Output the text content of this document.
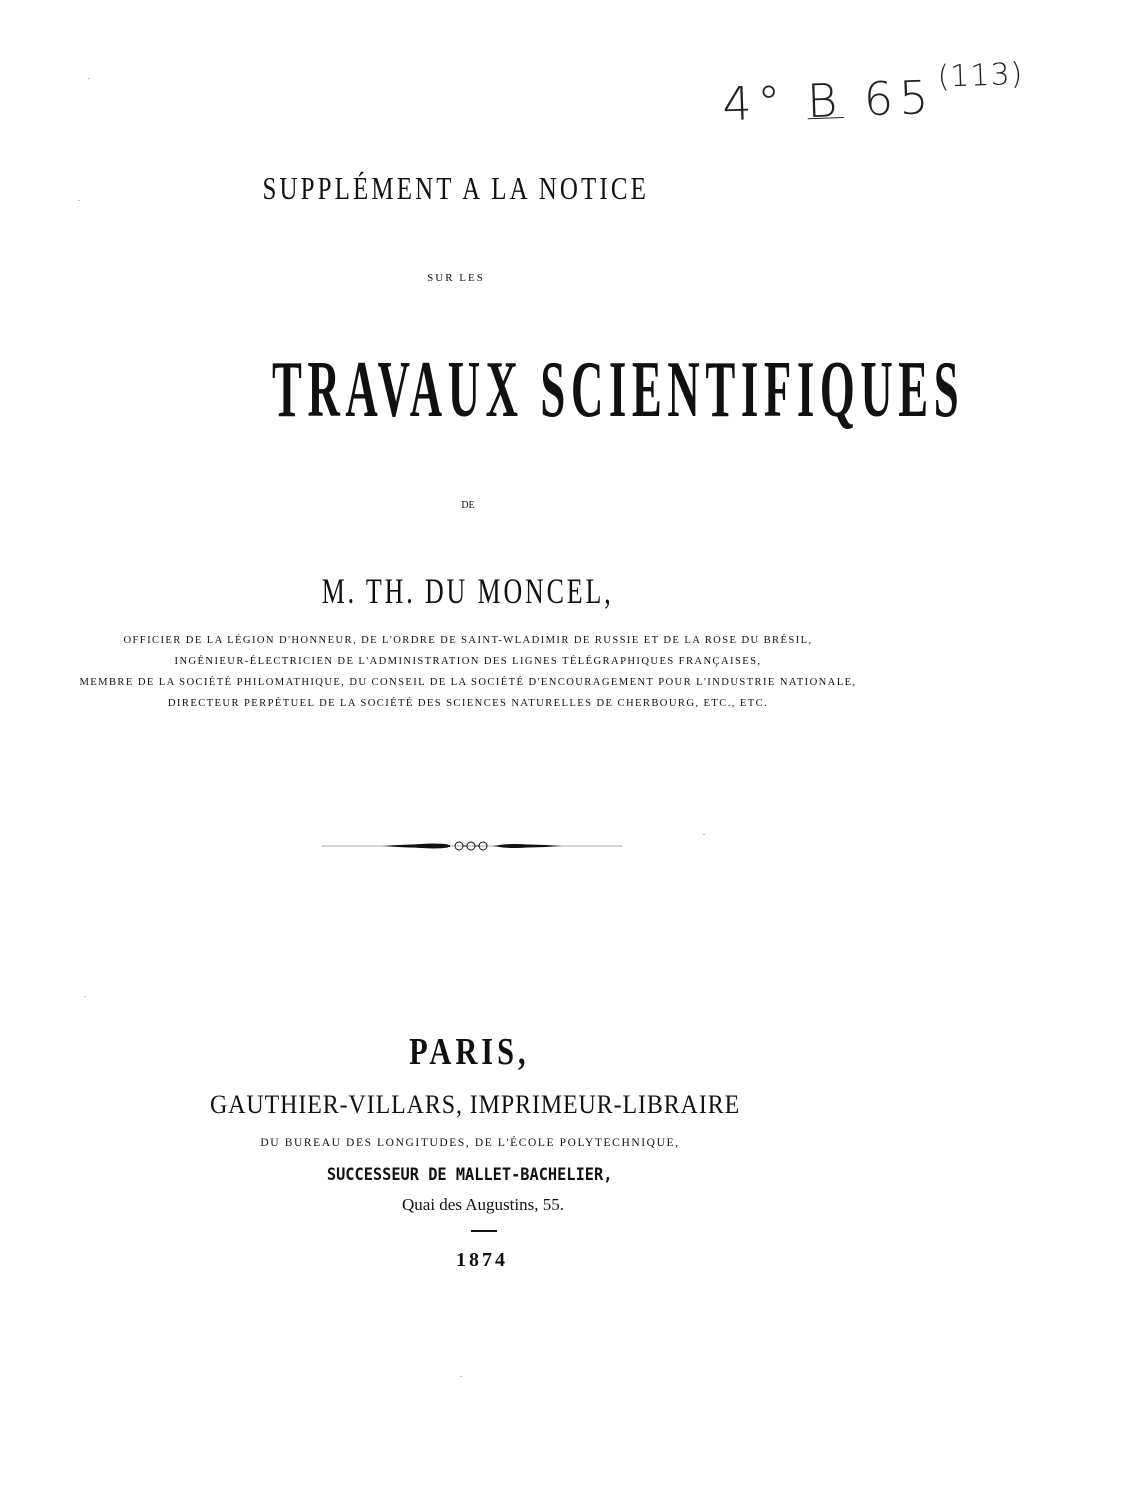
4° B 65$^{(113)}$
SUPPLÉMENT A LA NOTICE
SUR LES
TRAVAUX SCIENTIFIQUES
DE
M. TH. DU MONCEL,
OFFICIER DE LA LÉGION D'HONNEUR, DE L'ORDRE DE SAINT-WLADIMIR DE RUSSIE ET DE LA ROSE DU BRÉSIL,
INGÉNIEUR-ÉLECTRICIEN DE L'ADMINISTRATION DES LIGNES TÉLÉGRAPHIQUES FRANÇAISES,
MEMBRE DE LA SOCIÉTÉ PHILOMATHIQUE, DU CONSEIL DE LA SOCIÉTÉ D'ENCOURAGEMENT POUR L'INDUSTRIE NATIONALE,
DIRECTEUR PERPÉTUEL DE LA SOCIÉTÉ DES SCIENCES NATURELLES DE CHERBOURG, ETC., ETC.
PARIS,
GAUTHIER-VILLARS, IMPRIMEUR-LIBRAIRE
DU BUREAU DES LONGITUDES, DE L'ÉCOLE POLYTECHNIQUE,
SUCCESSEUR DE MALLET-BACHELIER,
Quai des Augustins, 55.
1874
